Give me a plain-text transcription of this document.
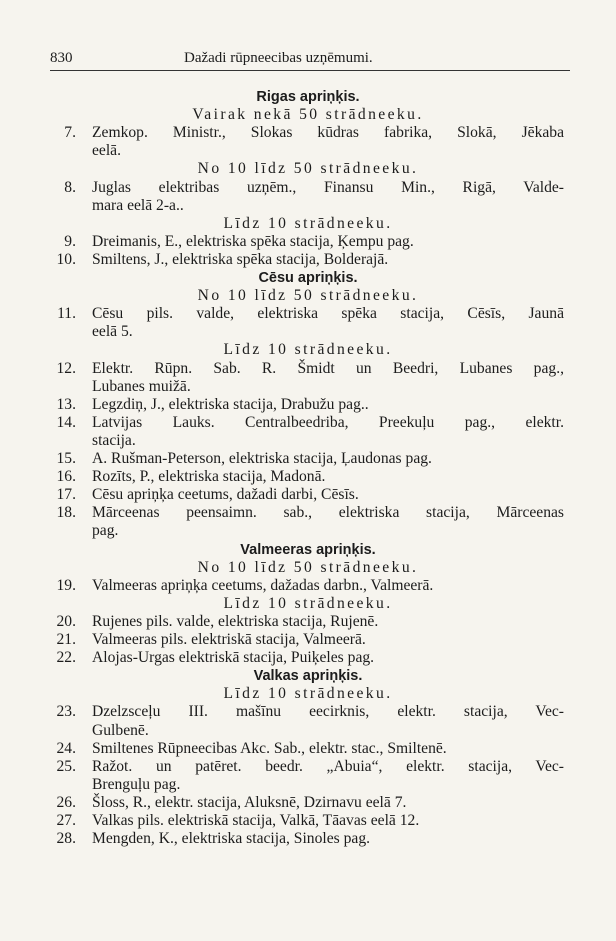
830	Dažadi rūpneecibas uzņēmumi.
Rigas apriņķis.
Vairak nekā 50 strādneeku.
7. Zemkop. Ministr., Slokas kūdras fabrika, Slokā, Jēkaba
eelā.
No 10 līdz 50 strādneeku.
8. Juglas elektribas uzņēm., Finansu Min., Rigā, Valde-
mara eelā 2-a..
Līdz 10 strādneeku.
9. Dreimanis, E., elektriska spēka stacija, Ķempu pag.
10. Smiltens, J., elektriska spēka stacija, Bolderajā.
Cēsu apriņķis.
No 10 līdz 50 strādneeku.
11. Cēsu pils. valde, elektriska spēka stacija, Cēsīs, Jaunā
eelā 5.
Līdz 10 strādneeku.
12. Elektr. Rūpn. Sab. R. Šmidt un Beedri, Lubanes pag.,
Lubanes muižā.
13. Legzdiņ, J., elektriska stacija, Drabužu pag..
14. Latvijas Lauks. Centralbeedriba, Preekuļu pag., elektr.
stacija.
15. A. Rušman-Peterson, elektriska stacija, Ļaudonas pag.
16. Rozīts, P., elektriska stacija, Madonā.
17. Cēsu apriņķa ceetums, dažadi darbi, Cēsīs.
18. Mārceenas peensaimn. sab., elektriska stacija, Mārceenas
pag.
Valmeeras apriņķis.
No 10 līdz 50 strādneeku.
19. Valmeeras apriņķa ceetums, dažadas darbn., Valmeerā.
Līdz 10 strādneeku.
20. Rujenes pils. valde, elektriska stacija, Rujenē.
21. Valmeeras pils. elektriskā stacija, Valmeerā.
22. Alojas-Urgas elektriskā stacija, Puiķeles pag.
Valkas apriņķis.
Līdz 10 strādneeku.
23. Dzelzsceļu III. mašīnu eecirknis, elektr. stacija, Vec-
Gulbenē.
24. Smiltenes Rūpneecibas Akc. Sab., elektr. stac., Smiltenē.
25. Ražot. un patēret. beedr. „Abuia“, elektr. stacija, Vec-
Brenguļu pag.
26. Šloss, R., elektr. stacija, Aluksnē, Dzirnavu eelā 7.
27. Valkas pils. elektriskā stacija, Valkā, Tāavas eelā 12.
28. Mengden, K., elektriska stacija, Sinoles pag.
